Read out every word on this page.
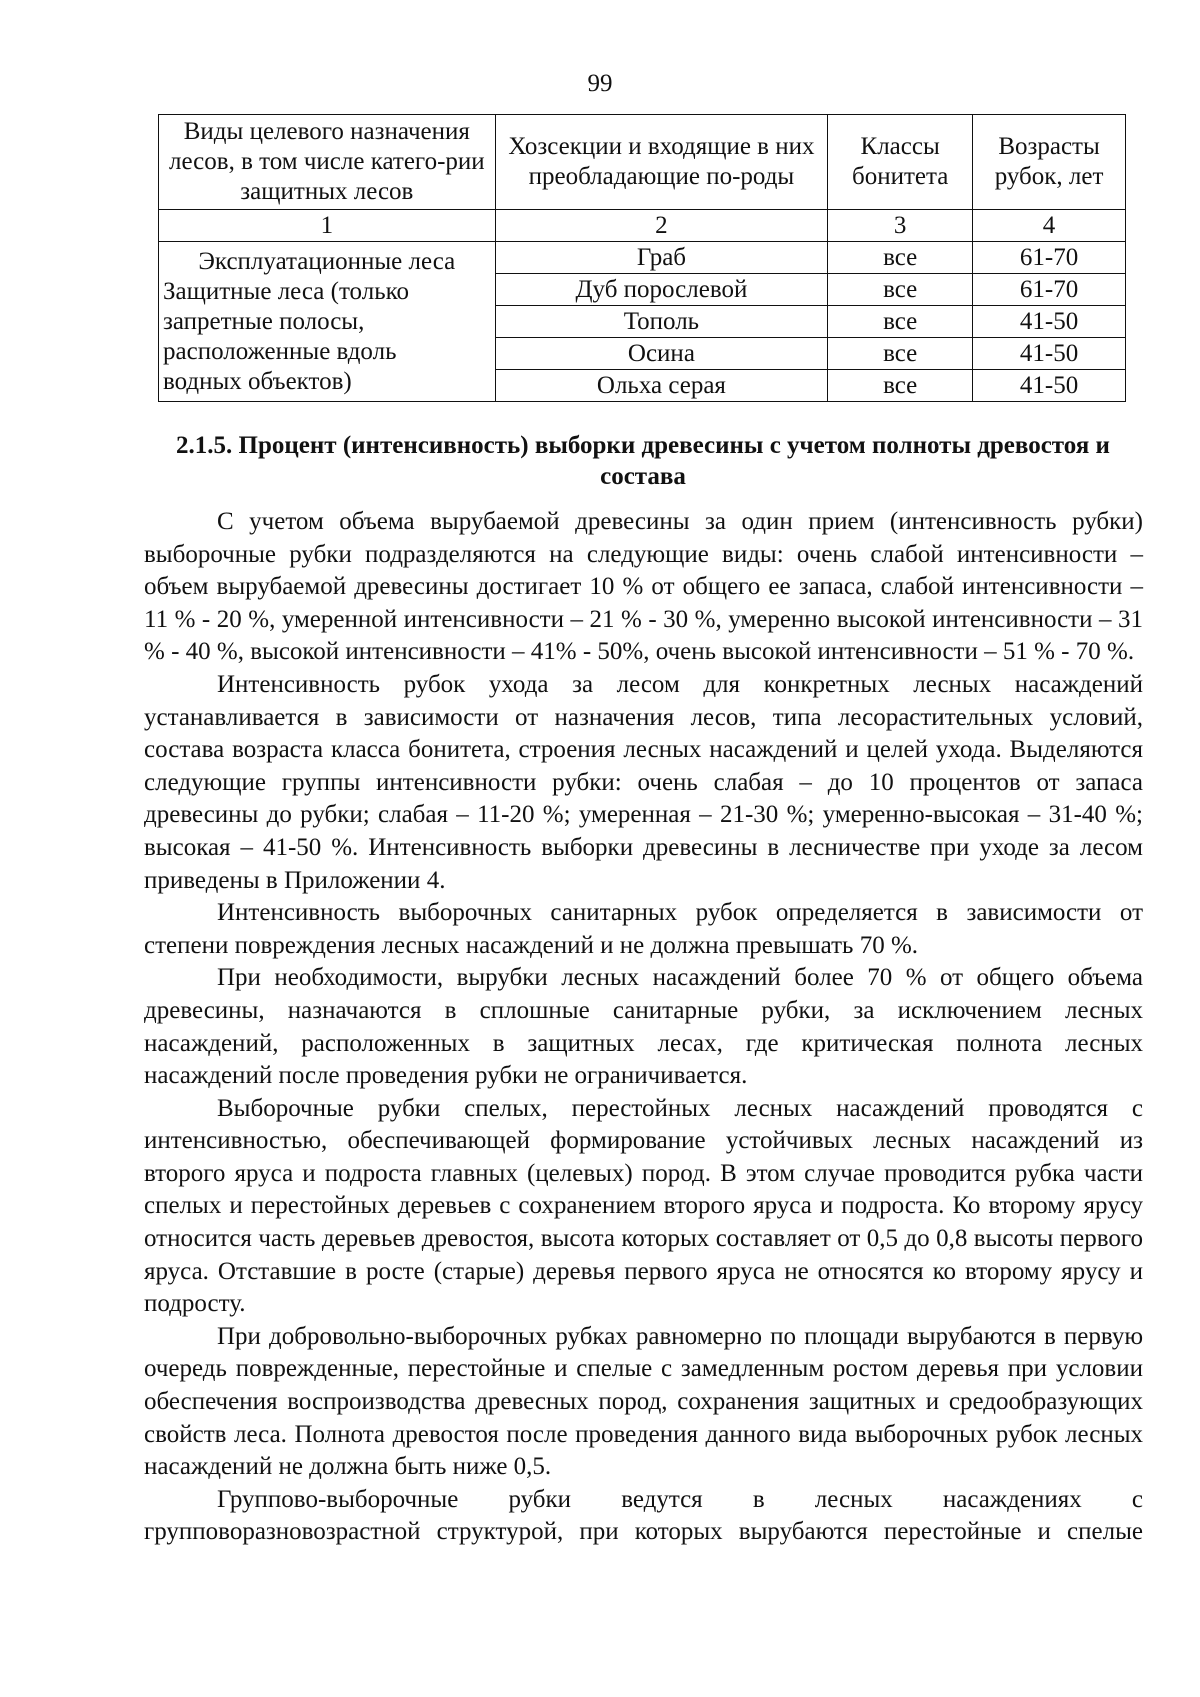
99
Виды целевого назначения лесов, в том числе катего-рии защитных лесов	Хозсекции и входящие в них преобладающие по-роды	Классы бонитета	Возрасты рубок, лет
1	2	3	4

Эксплуатационные леса
Защитные леса (только
запретные полосы,
расположенные вдоль
водных объектов)	Граб	все	61-70
	Дуб порослевой	все	61-70
	Тополь	все	41-50
	Осина	все	41-50
	Ольха серая	все	41-50
2.1.5. Процент (интенсивность) выборки древесины с учетом полноты древостоя и состава

С учетом объема вырубаемой древесины за один прием (интенсивность рубки) выборочные рубки подразделяются на следующие виды: очень слабой интенсивности – объем вырубаемой древесины достигает 10 % от общего ее запаса, слабой интенсивности – 11 % - 20 %, умеренной интенсивности – 21 % - 30 %, умеренно высокой интенсивности – 31 % - 40 %, высокой интенсивности – 41% - 50%, очень высокой интенсивности – 51 % - 70 %.

Интенсивность рубок ухода за лесом для конкретных лесных насаждений устанавливается в зависимости от назначения лесов, типа лесорастительных условий, состава возраста класса бонитета, строения лесных насаждений и целей ухода. Выделяются следующие группы интенсивности рубки: очень слабая – до 10 процентов от запаса древесины до рубки; слабая – 11-20 %; умеренная – 21-30 %; умеренно-высокая – 31-40 %; высокая – 41-50 %. Интенсивность выборки древесины в лесничестве при уходе за лесом приведены в Приложении 4.

Интенсивность выборочных санитарных рубок определяется в зависимости от степени повреждения лесных насаждений и не должна превышать 70 %.

При необходимости, вырубки лесных насаждений более 70 % от общего объема древесины, назначаются в сплошные санитарные рубки, за исключением лесных насаждений, расположенных в защитных лесах, где критическая полнота лесных насаждений после проведения рубки не ограничивается.

Выборочные рубки спелых, перестойных лесных насаждений проводятся с интенсивностью, обеспечивающей формирование устойчивых лесных насаждений из второго яруса и подроста главных (целевых) пород. В этом случае проводится рубка части спелых и перестойных деревьев с сохранением второго яруса и подроста. Ко второму ярусу относится часть деревьев древостоя, высота которых составляет от 0,5 до 0,8 высоты первого яруса. Отставшие в росте (старые) деревья первого яруса не относятся ко второму ярусу и подросту.

При добровольно-выборочных рубках равномерно по площади вырубаются в первую очередь поврежденные, перестойные и спелые с замедленным ростом деревья при условии обеспечения воспроизводства древесных пород, сохранения защитных и средообразующих свойств леса. Полнота древостоя после проведения данного вида выборочных рубок лесных насаждений не должна быть ниже 0,5.

Группово-выборочные рубки ведутся в лесных насаждениях с групповоразновозрастной структурой, при которых вырубаются перестойные и спелые
